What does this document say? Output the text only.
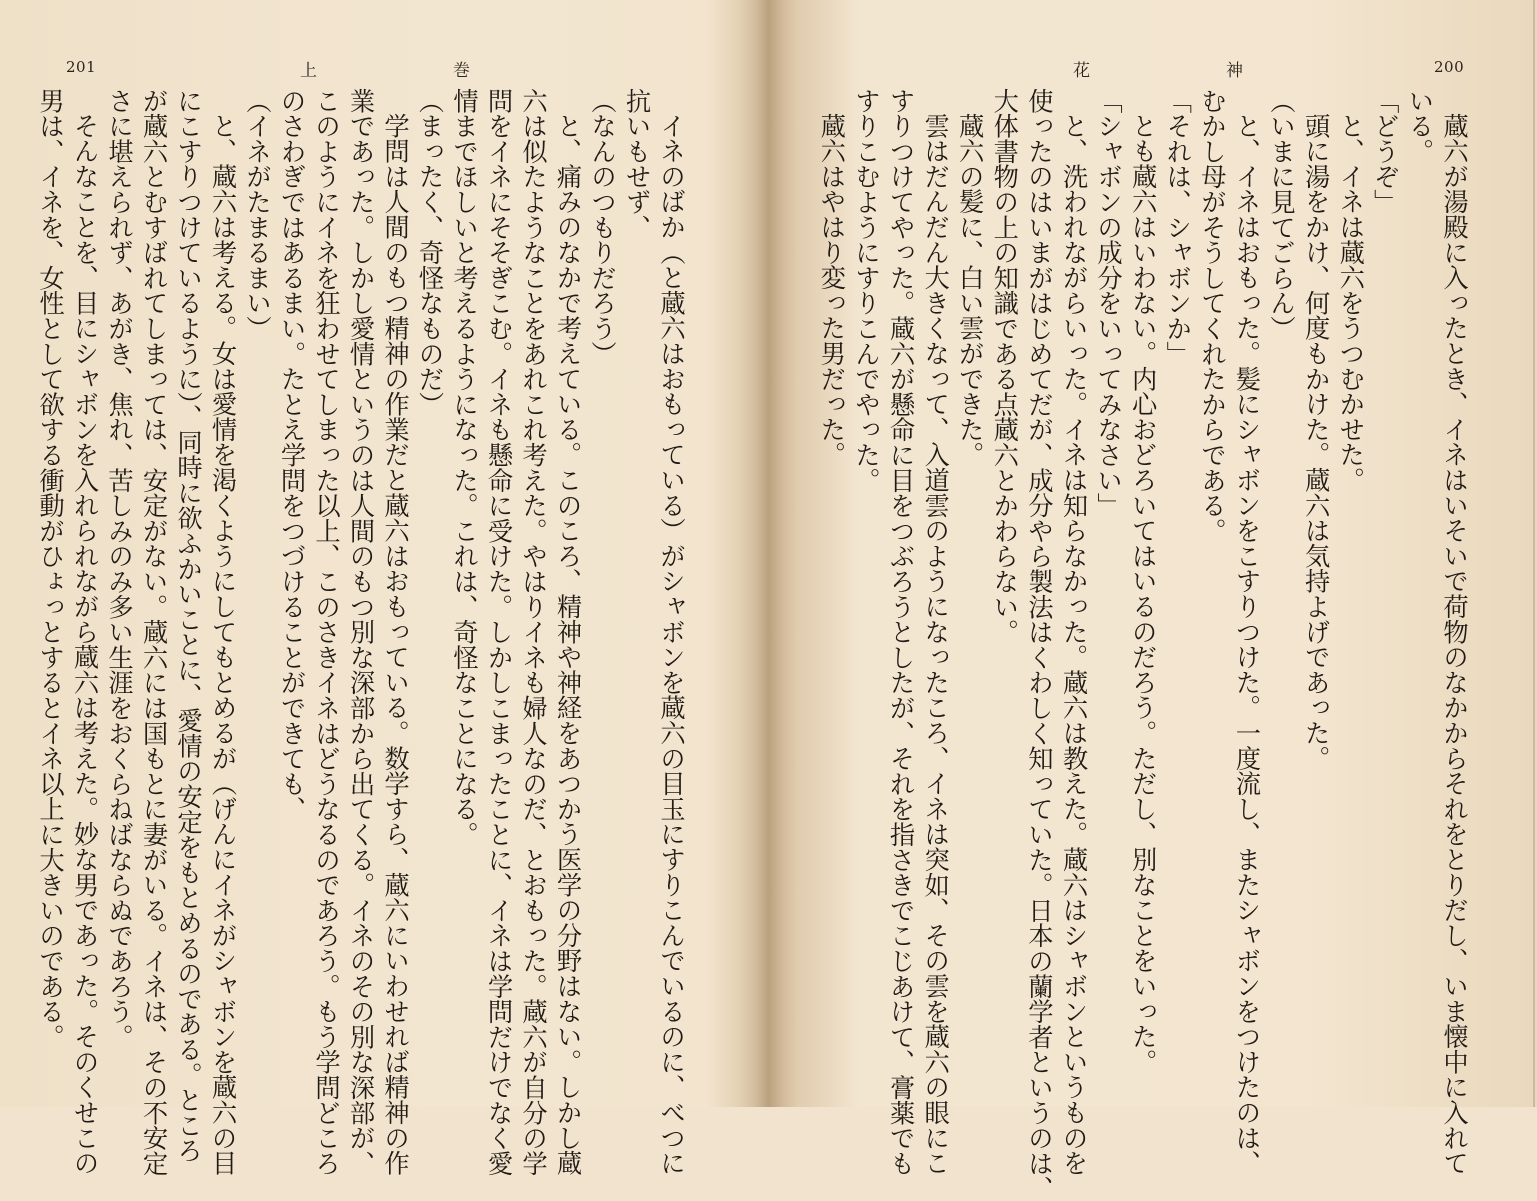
201	上　　　　　　　　巻
イネのばか（と蔵六はおもっている）がシャボンを蔵六の目玉にすりこんでいるのに、べつに
抗いもせず、
（なんのつもりだろう）
と、痛みのなかで考えている。このころ、精神や神経をあつかう医学の分野はない。しかし蔵
六は似たようなことをあれこれ考えた。やはりイネも婦人なのだ、とおもった。蔵六が自分の学
問をイネにそそぎこむ。イネも懸命に受けた。しかしこまったことに、イネは学問だけでなく愛
情までほしいと考えるようになった。これは、奇怪なことになる。
（まったく、奇怪なものだ）
学問は人間のもつ精神の作業だと蔵六はおもっている。数学すら、蔵六にいわせれば精神の作
業であった。しかし愛情というのは人間のもつ別な深部から出てくる。イネのその別な深部が、
このようにイネを狂わせてしまった以上、このさきイネはどうなるのであろう。もう学問どころ
のさわぎではあるまい。たとえ学問をつづけることができても、
（イネがたまるまい）
と、蔵六は考える。女は愛情を渇くようにしてもとめるが（げんにイネがシャボンを蔵六の目
にこすりつけているように）、同時に欲ふかいことに、愛情の安定をもとめるのである。ところ
が蔵六とむすばれてしまっては、安定がない。蔵六には国もとに妻がいる。イネは、その不安定
さに堪えられず、あがき、焦れ、苦しみのみ多い生涯をおくらねばならぬであろう。
そんなことを、目にシャボンを入れられながら蔵六は考えた。妙な男であった。そのくせこの
男は、イネを、女性として欲する衝動がひょっとするとイネ以上に大きいのである。
花　　　　　　　　神	200
蔵六が湯殿に入ったとき、イネはいそいで荷物のなかからそれをとりだし、いま懐中に入れて
いる。
「どうぞ」
と、イネは蔵六をうつむかせた。
頭に湯をかけ、何度もかけた。蔵六は気持よげであった。
（いまに見てごらん）
と、イネはおもった。髪にシャボンをこすりつけた。一度流し、またシャボンをつけたのは、
むかし母がそうしてくれたからである。
「それは、シャボンか」
とも蔵六はいわない。内心おどろいてはいるのだろう。ただし、別なことをいった。
「シャボンの成分をいってみなさい」
と、洗われながらいった。イネは知らなかった。蔵六は教えた。蔵六はシャボンというものを
使ったのはいまがはじめてだが、成分やら製法はくわしく知っていた。日本の蘭学者というのは、
大体書物の上の知識である点蔵六とかわらない。
蔵六の髪に、白い雲ができた。
雲はだんだん大きくなって、入道雲のようになったころ、イネは突如、その雲を蔵六の眼にこ
すりつけてやった。蔵六が懸命に目をつぶろうとしたが、それを指さきでこじあけて、膏薬でも
すりこむようにすりこんでやった。
蔵六はやはり変った男だった。
